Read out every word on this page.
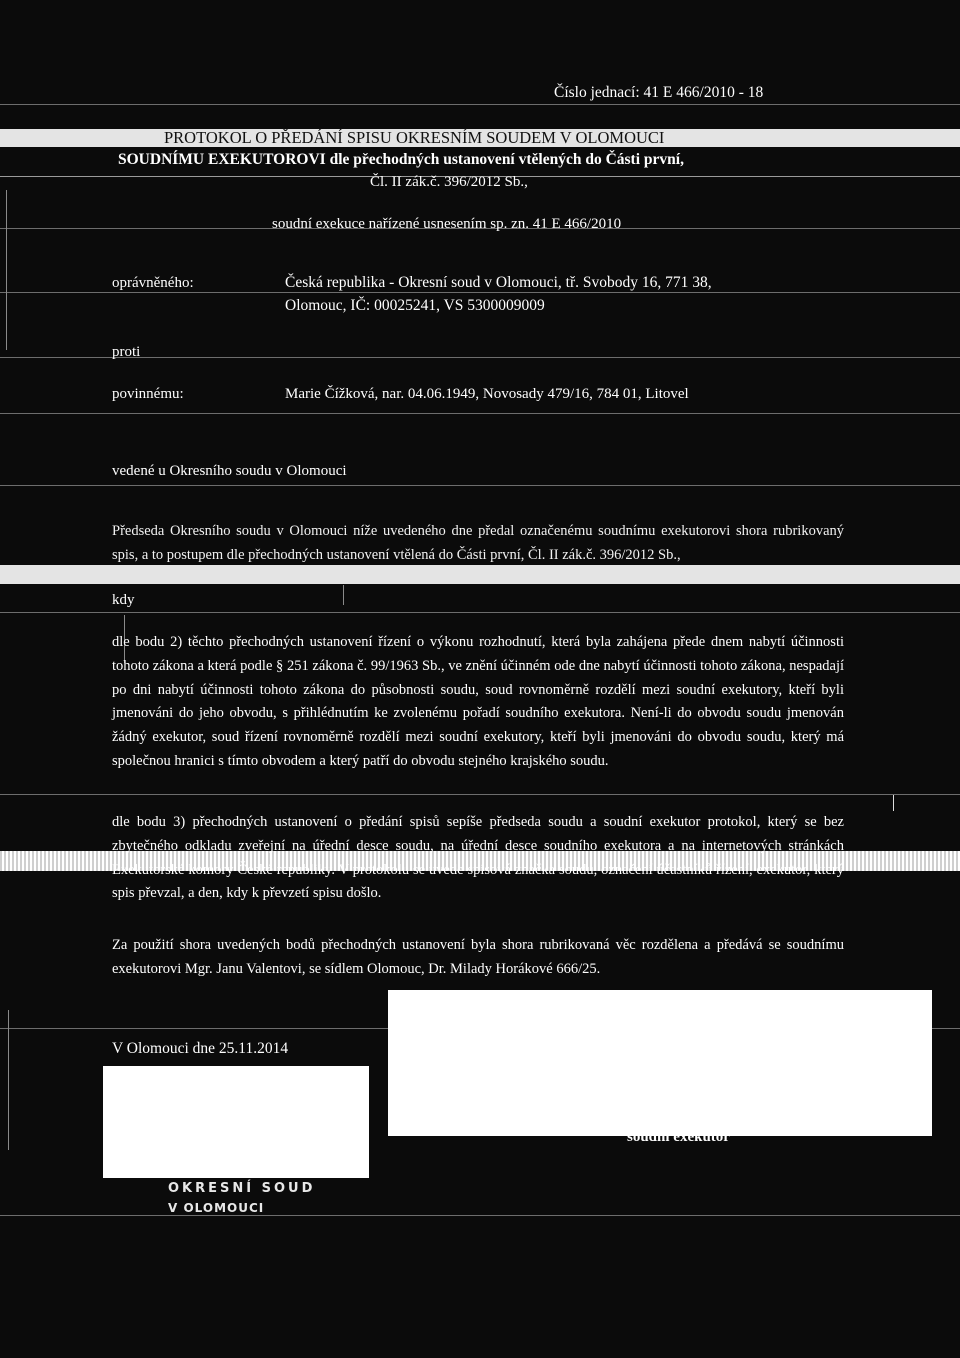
Číslo jednací: 41 E 466/2010 - 18
PROTOKOL O PŘEDÁNÍ SPISU OKRESNÍM SOUDEM V OLOMOUCI
SOUDNÍMU EXEKUTOROVI dle přechodných ustanovení vtělených do Části první,
Čl. II zák.č. 396/2012 Sb.,
soudní exekuce nařízené usnesením sp. zn. 41 E 466/2010
oprávněného:	Česká republika - Okresní soud v Olomouci, tř. Svobody 16, 771 38,
Olomouc, IČ: 00025241, VS 5300009009
proti
povinnému:	Marie Čížková, nar. 04.06.1949, Novosady 479/16, 784 01, Litovel
vedené u Okresního soudu v Olomouci
Předseda Okresního soudu v Olomouci níže uvedeného dne předal označenému soudnímu exekutorovi shora rubrikovaný spis, a to postupem dle přechodných ustanovení vtělená do Části první, Čl. II zák.č. 396/2012 Sb.,
kdy
dle bodu 2) těchto přechodných ustanovení řízení o výkonu rozhodnutí, která byla zahájena přede dnem nabytí účinnosti tohoto zákona a která podle § 251 zákona č. 99/1963 Sb., ve znění účinném ode dne nabytí účinnosti tohoto zákona, nespadají po dni nabytí účinnosti tohoto zákona do působnosti soudu, soud rovnoměrně rozdělí mezi soudní exekutory, kteří byli jmenováni do jeho obvodu, s přihlédnutím ke zvolenému pořadí soudního exekutora. Není-li do obvodu soudu jmenován žádný exekutor, soud řízení rovnoměrně rozdělí mezi soudní exekutory, kteří byli jmenováni do obvodu soudu, který má společnou hranici s tímto obvodem a který patří do obvodu stejného krajského soudu.
dle bodu 3) přechodných ustanovení o předání spisů sepíše předseda soudu a soudní exekutor protokol, který se bez zbytečného odkladu zveřejní na úřední desce soudu, na úřední desce soudního exekutora a na internetových stránkách Exekutorské komory České republiky. V protokolu se uvede spisová značka soudu, označení účastníků řízení, exekutor, který spis převzal, a den, kdy k převzetí spisu došlo.
Za použití shora uvedených bodů přechodných ustanovení byla shora rubrikovaná věc rozdělena a předává se soudnímu exekutorovi Mgr. Janu Valentovi, se sídlem Olomouc, Dr. Milady Horákové 666/25.
V Olomouci dne 25.11.2014
soudní exekutor
OKRESNÍ SOUD
V OLOMOUCI
